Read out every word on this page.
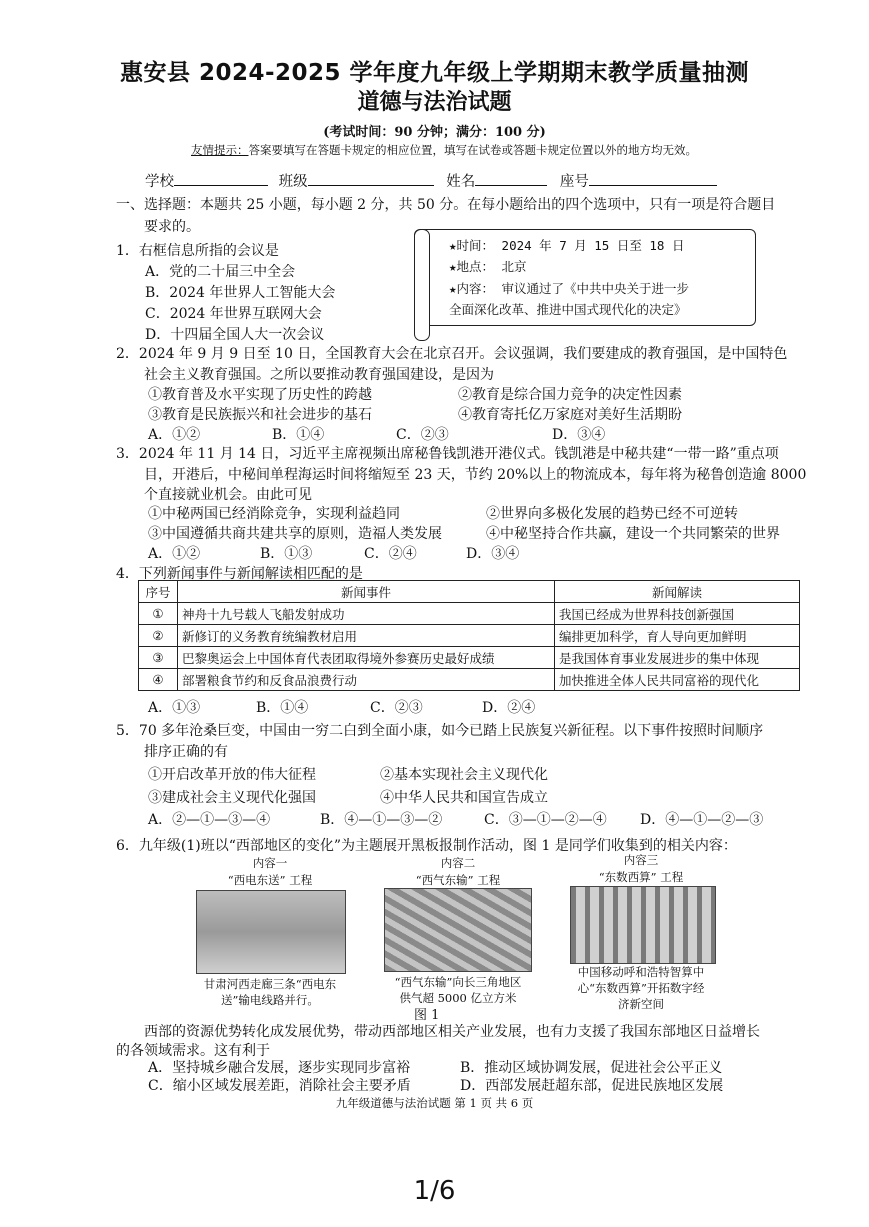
惠安县 2024-2025 学年度九年级上学期期末教学质量抽测
道德与法治试题
(考试时间：90 分钟；满分：100 分)
友情提示：答案要填写在答题卡规定的相应位置，填写在试卷或答题卡规定位置以外的地方均无效。
学校	班级	姓名	座号
一、选择题：本题共 25 小题，每小题 2 分，共 50 分。在每小题给出的四个选项中，只有一项是符合题目
要求的。
1．右框信息所指的会议是
A．党的二十届三中全会
B．2024 年世界人工智能大会
C．2024 年世界互联网大会
D．十四届全国人大一次会议
★时间： 2024 年 7 月 15 日至 18 日
★地点： 北京
★内容： 审议通过了《中共中央关于进一步
全面深化改革、推进中国式现代化的决定》
2．2024 年 9 月 9 日至 10 日，全国教育大会在北京召开。会议强调，我们要建成的教育强国，是中国特色
社会主义教育强国。之所以要推动教育强国建设，是因为
①教育普及水平实现了历史性的跨越	②教育是综合国力竞争的决定性因素
③教育是民族振兴和社会进步的基石	④教育寄托亿万家庭对美好生活期盼
A．①②	B．①④	C．②③	D．③④
3．2024 年 11 月 14 日，习近平主席视频出席秘鲁钱凯港开港仪式。钱凯港是中秘共建“一带一路”重点项
目，开港后，中秘间单程海运时间将缩短至 23 天，节约 20%以上的物流成本，每年将为秘鲁创造逾 8000
个直接就业机会。由此可见
①中秘两国已经消除竞争，实现利益趋同	②世界向多极化发展的趋势已经不可逆转
③中国遵循共商共建共享的原则，造福人类发展	④中秘坚持合作共赢，建设一个共同繁荣的世界
A．①②	B．①③	C．②④	D．③④
4．下列新闻事件与新闻解读相匹配的是
序号	新闻事件	新闻解读
①	神舟十九号载人飞船发射成功	我国已经成为世界科技创新强国
②	新修订的义务教育统编教材启用	编排更加科学，育人导向更加鲜明
③	巴黎奥运会上中国体育代表团取得境外参赛历史最好成绩	是我国体育事业发展进步的集中体现
④	部署粮食节约和反食品浪费行动	加快推进全体人民共同富裕的现代化
A．①③	B．①④	C．②③	D．②④
5．70 多年沧桑巨变，中国由一穷二白到全面小康，如今已踏上民族复兴新征程。以下事件按照时间顺序
排序正确的有
①开启改革开放的伟大征程	②基本实现社会主义现代化
③建成社会主义现代化强国	④中华人民共和国宣告成立
A．②—①—③—④	B．④—①—③—②	C．③—①—②—④ D．④—①—②—③
6．九年级(1)班以“西部地区的变化”为主题展开黑板报制作活动，图 1 是同学们收集到的相关内容：
内容一
“西电东送” 工程
甘肃河西走廊三条“西电东
送”输电线路并行。
内容二
“西气东输” 工程
“西气东输”向长三角地区
供气超 5000 亿立方米
内容三
“东数西算” 工程
中国移动呼和浩特智算中
心“东数西算”开拓数字经
济新空间
图 1
西部的资源优势转化成发展优势，带动西部地区相关产业发展，也有力支援了我国东部地区日益增长
的各领域需求。这有利于
A．坚持城乡融合发展，逐步实现同步富裕	B．推动区域协调发展，促进社会公平正义
C．缩小区域发展差距，消除社会主要矛盾	D．西部发展赶超东部，促进民族地区发展
九年级道德与法治试题 第 1 页 共 6 页
1/6
